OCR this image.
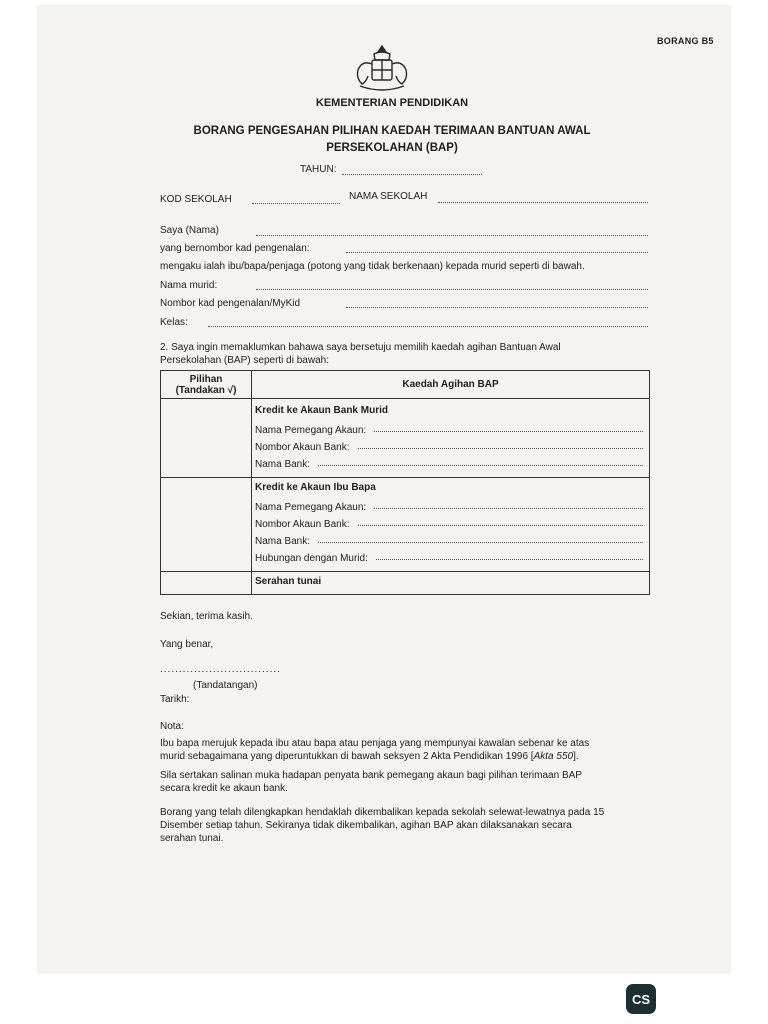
BORANG B5
KEMENTERIAN PENDIDIKAN
BORANG PENGESAHAN PILIHAN KAEDAH TERIMAAN BANTUAN AWAL
PERSEKOLAHAN (BAP)
TAHUN:
KOD SEKOLAH	NAMA SEKOLAH
Saya (Nama)
yang bernombor kad pengenalan:
mengaku ialah ibu/bapa/penjaga (potong yang tidak berkenaan) kepada murid seperti di bawah.
Nama murid:
Nombor kad pengenalan/MyKid
Kelas:
2. Saya ingin memaklumkan bahawa saya bersetuju memilih kaedah agihan Bantuan Awal
Persekolahan (BAP) seperti di bawah:
Pilihan
(Tandakan √)	Kaedah Agihan BAP

	Kredit ke Akaun Bank Murid
Nama Pemegang Akaun:
Nombor Akaun Bank:
Nama Bank:

	Kredit ke Akaun Ibu Bapa
Nama Pemegang Akaun:
Nombor Akaun Bank:
Nama Bank:
Hubungan dengan Murid:

	Serahan tunai
Sekian, terima kasih.
Yang benar,
................................
(Tandatangan)
Tarikh:
Nota:
Ibu bapa merujuk kepada ibu atau bapa atau penjaga yang mempunyai kawalan sebenar ke atas
murid sebagaimana yang diperuntukkan di bawah seksyen 2 Akta Pendidikan 1996 [Akta 550].
Sila sertakan salinan muka hadapan penyata bank pemegang akaun bagi pilihan terimaan BAP
secara kredit ke akaun bank.
Borang yang telah dilengkapkan hendaklah dikembalikan kepada sekolah selewat-lewatnya pada 15
Disember setiap tahun. Sekiranya tidak dikembalikan, agihan BAP akan dilaksanakan secara
serahan tunai.
CS
